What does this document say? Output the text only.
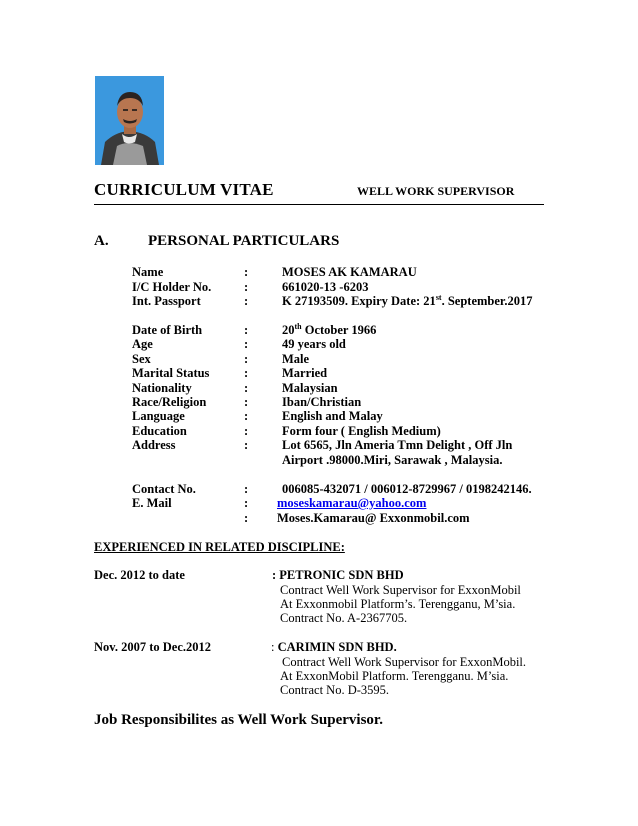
CURRICULUM VITAE	WELL WORK SUPERVISOR
A.	PERSONAL PARTICULARS
Name	:	MOSES AK KAMARAU
I/C Holder No.	:	661020-13 -6203
Int. Passport	:	K 27193509. Expiry Date: 21st. September.2017
Date of Birth	:	20th October 1966
Age	:	49 years old
Sex	:	Male
Marital Status	:	Married
Nationality	:	Malaysian
Race/Religion	:	Iban/Christian
Language	:	English and Malay
Education	:	Form four ( English Medium)
Address	:	Lot 6565, Jln Ameria Tmn Delight , Off Jln
Airport .98000.Miri, Sarawak , Malaysia.
Contact No.	:	006085-432071 / 006012-8729967 / 0198242146.
E. Mail	: moseskamarau@yahoo.com
: Moses.Kamarau@ Exxonmobil.com
EXPERIENCED IN RELATED DISCIPLINE:
Dec. 2012 to date	: PETRONIC SDN BHD
Contract Well Work Supervisor for ExxonMobil
At Exxonmobil Platform’s. Terengganu, M’sia.
Contract No. A-2367705.
Nov. 2007 to Dec.2012	: CARIMIN SDN BHD.
Contract Well Work Supervisor for ExxonMobil.
At ExxonMobil Platform. Terengganu. M’sia.
Contract No. D-3595.
Job Responsibilites as Well Work Supervisor.
